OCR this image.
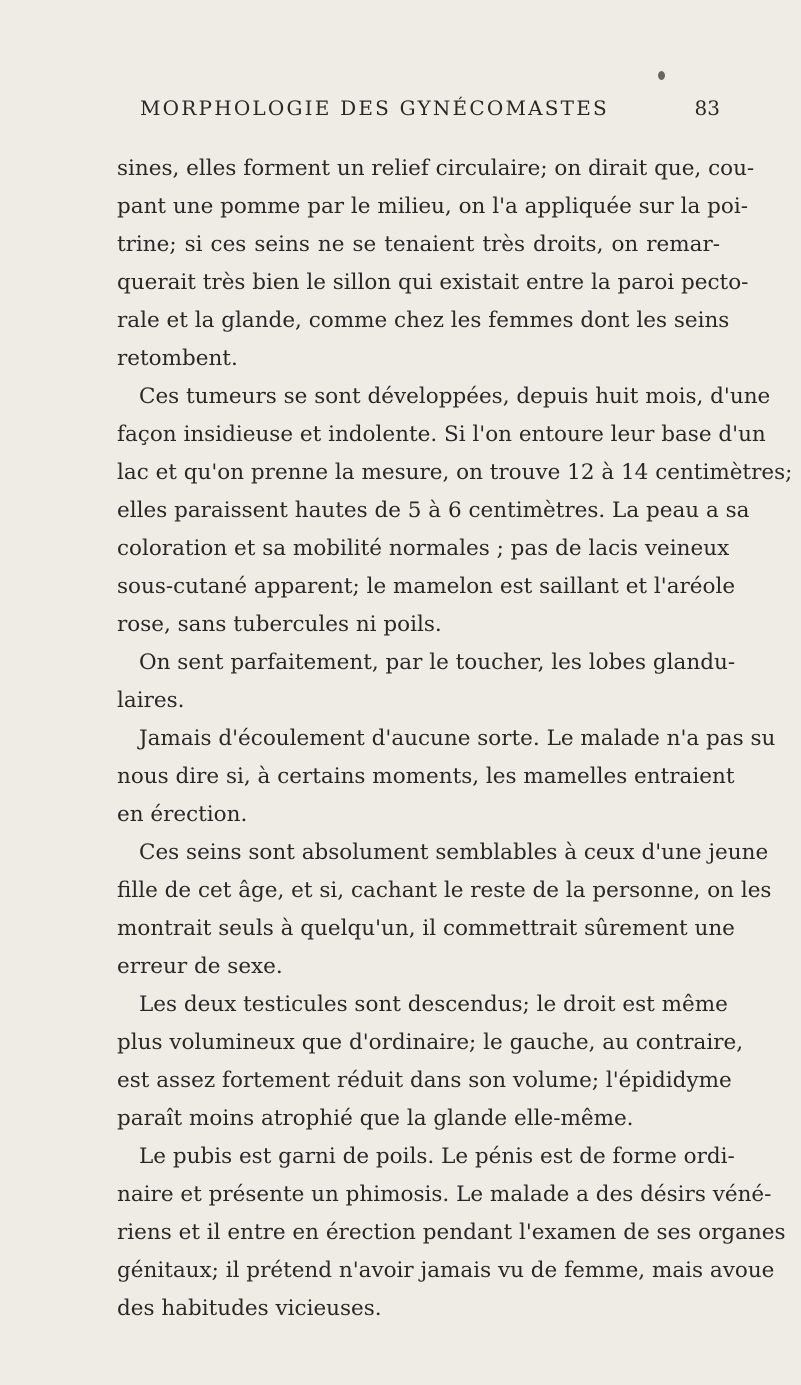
MORPHOLOGIE DES GYNÉCOMASTES	83
sines, elles forment un relief circulaire; on dirait que, cou-
pant une pomme par le milieu, on l'a appliquée sur la poi-
trine; si ces seins ne se tenaient très droits, on remar-
querait très bien le sillon qui existait entre la paroi pecto-
rale et la glande, comme chez les femmes dont les seins
retombent.
Ces tumeurs se sont développées, depuis huit mois, d'une
façon insidieuse et indolente. Si l'on entoure leur base d'un
lac et qu'on prenne la mesure, on trouve 12 à 14 centimètres;
elles paraissent hautes de 5 à 6 centimètres. La peau a sa
coloration et sa mobilité normales ; pas de lacis veineux
sous-cutané apparent; le mamelon est saillant et l'aréole
rose, sans tubercules ni poils.
On sent parfaitement, par le toucher, les lobes glandu-
laires.
Jamais d'écoulement d'aucune sorte. Le malade n'a pas su
nous dire si, à certains moments, les mamelles entraient
en érection.
Ces seins sont absolument semblables à ceux d'une jeune
fille de cet âge, et si, cachant le reste de la personne, on les
montrait seuls à quelqu'un, il commettrait sûrement une
erreur de sexe.
Les deux testicules sont descendus; le droit est même
plus volumineux que d'ordinaire; le gauche, au contraire,
est assez fortement réduit dans son volume; l'épididyme
paraît moins atrophié que la glande elle-même.
Le pubis est garni de poils. Le pénis est de forme ordi-
naire et présente un phimosis. Le malade a des désirs véné-
riens et il entre en érection pendant l'examen de ses organes
génitaux; il prétend n'avoir jamais vu de femme, mais avoue
des habitudes vicieuses.
